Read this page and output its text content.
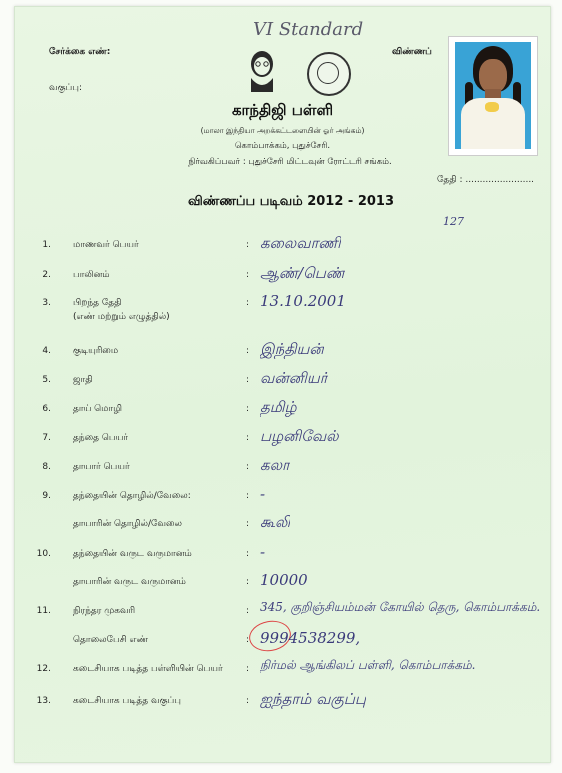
VI Standard
சேர்க்கை எண்:	விண்ணப்
வகுப்பு:
காந்திஜி பள்ளி
(மாலா இந்தியா அறக்கட்டளையின் ஓர் அங்கம்)
கொம்பாக்கம், புதுச்சேரி.
நிர்வகிப்பவர் : புதுச்சேரி மிட்டவுன் ரோட்டரி சங்கம்.
தேதி : ........................
விண்ணப்ப படிவம் 2012 - 2013
127
1. மாணவர் பெயர்	: கலைவாணி
2. பாலினம்	: ஆண்/பெண்
3. பிறந்த தேதி
(எண் மற்றும் எழுத்தில்)
: 13.10.2001
4. குடியுரிமை	: இந்தியன்
5. ஜாதி	: வன்னியர்
6. தாய் மொழி	: தமிழ்
7. தந்தை பெயர்	: பழனிவேல்
8. தாயார் பெயர்	: கலா
9. தந்தையின் தொழில்/வேலை:	: -
தாயாரின் தொழில்/வேலை	: கூலி
10. தந்தையின் வருட வருமானம்	: -
தாயாரின் வருட வருமானம்	: 10000
11. நிரந்தர முகவரி	: 345, குறிஞ்சியம்மன் கோயில் தெரு, கொம்பாக்கம்.
தொலைபேசி எண்	: 9994538299,
12. கடைசியாக படித்த பள்ளியின் பெயர்	: நிர்மல் ஆங்கிலப் பள்ளி, கொம்பாக்கம்.
13. கடைசியாக படித்த வகுப்பு	: ஐந்தாம் வகுப்பு
